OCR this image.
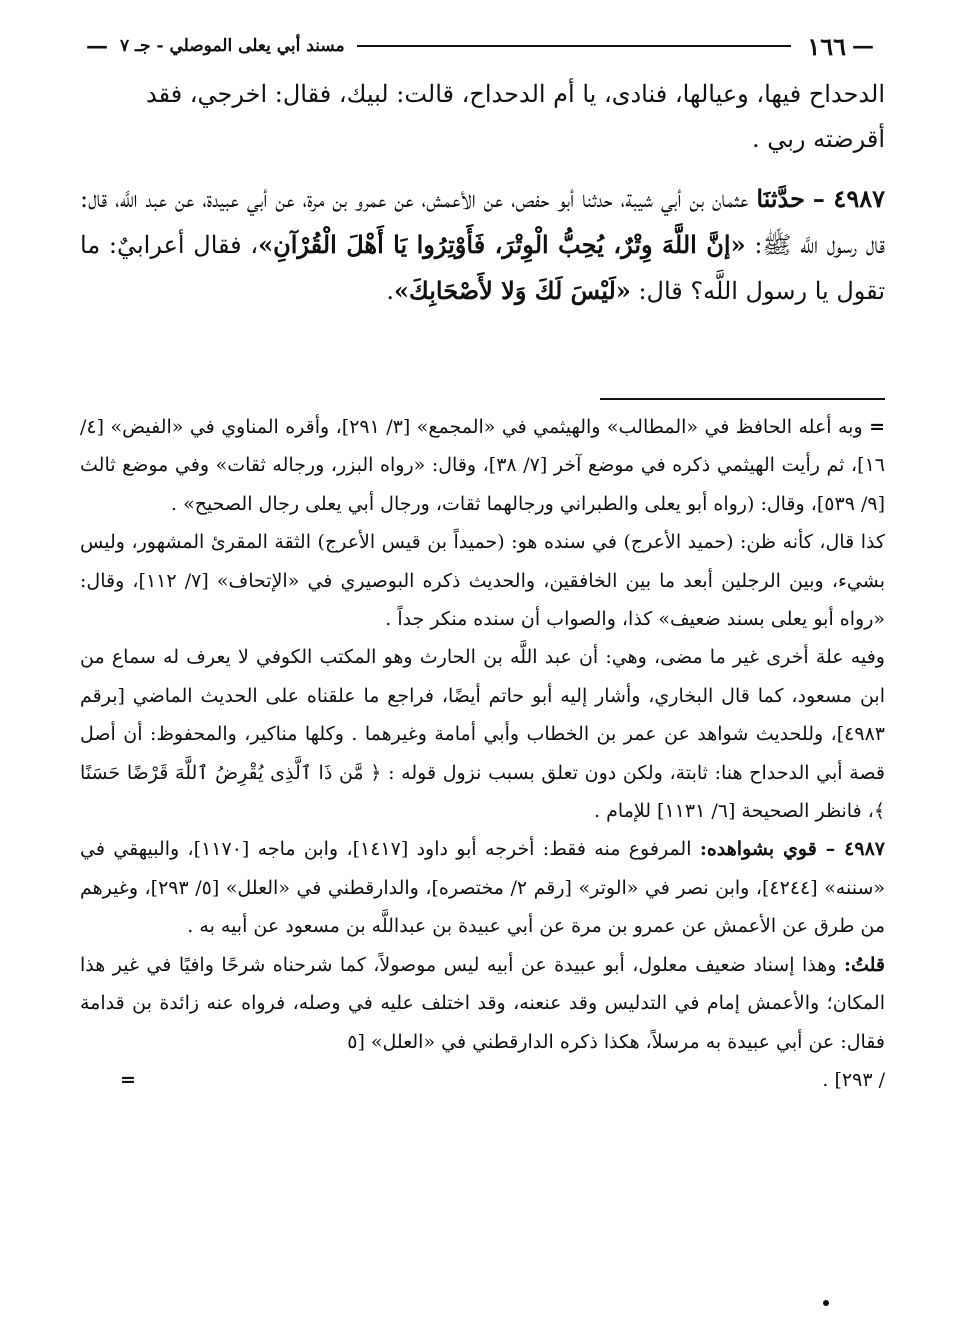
—
١٦٦
مسند أبي يعلى الموصلي - جـ ٧
—

الدحداح فيها، وعيالها، فنادى، يا أم الدحداح، قالت: لبيك، فقال: اخرجي، فقد
أقرضته ربي .

٤٩٨٧ – حدَّثنَا عثمان بن أبي شيبة، حدثنا أبو حفص، عن الأعمش، عن عمرو بن مرة، عن أبي عبيدة، عن عبد اللَّه، قال: قال رسول اللَّه ﷺ: «إنَّ اللَّهَ وِتْرٌ، يُحِبُّ الْوِتْرَ، فَأَوْتِرُوا يَا أَهْلَ الْقُرْآنِ»، فقال أعرابيٌ: ما تقول يا رسول اللَّه؟ قال: «لَيْسَ لَكَ وَلا لأَصْحَابِكَ».

= وبه أعله الحافظ في «المطالب» والهيثمي في «المجمع» [٣/ ٢٩١]، وأقره المناوي في «الفيض» [٤/ ١٦]، ثم رأيت الهيثمي ذكره في موضع آخر [٧/ ٣٨]، وقال: «رواه البزر، ورجاله ثقات» وفي موضع ثالث [٩/ ٥٣٩]، وقال: (رواه أبو يعلى والطبراني ورجالهما ثقات، ورجال أبي يعلى رجال الصحيح» .

كذا قال، كأنه ظن: (حميد الأعرج) في سنده هو: (حميداً بن قيس الأعرج) الثقة المقرئ المشهور، وليس بشيء، وبين الرجلين أبعد ما بين الخافقين، والحديث ذكره البوصيري في «الإتحاف» [٧/ ١١٢]، وقال: «رواه أبو يعلى بسند ضعيف» كذا، والصواب أن سنده منكر جداً .

وفيه علة أخرى غير ما مضى، وهي: أن عبد اللَّه بن الحارث وهو المكتب الكوفي لا يعرف له سماع من ابن مسعود، كما قال البخاري، وأشار إليه أبو حاتم أيضًا، فراجع ما علقناه على الحديث الماضي [برقم ٤٩٨٣]، وللحديث شواهد عن عمر بن الخطاب وأبي أمامة وغيرهما . وكلها مناكير، والمحفوظ: أن أصل قصة أبي الدحداح هنا: ثابتة، ولكن دون تعلق بسبب نزول قوله : ﴿ مَّن ذَا ٱلَّذِى يُقْرِضُ ٱللَّهَ قَرْضًا حَسَنًا ﴾، فانظر الصحيحة [٦/ ١١٣١] للإمام .

٤٩٨٧ – قوي بشواهده: المرفوع منه فقط: أخرجه أبو داود [١٤١٧]، وابن ماجه [١١٧٠]، والبيهقي في «سننه» [٤٢٤٤]، وابن نصر في «الوتر» [رقم ٢/ مختصره]، والدارقطني في «العلل» [٥/ ٢٩٣]، وغيرهم من طرق عن الأعمش عن عمرو بن مرة عن أبي عبيدة بن عبداللَّه بن مسعود عن أبيه به .

قلتُ: وهذا إسناد ضعيف معلول، أبو عبيدة عن أبيه ليس موصولاً، كما شرحناه شرحًا وافيًا في غير هذا المكان؛ والأعمش إمام في التدليس وقد عنعنه، وقد اختلف عليه في وصله، فرواه عنه زائدة بن قدامة فقال: عن أبي عبيدة به مرسلاً، هكذا ذكره الدارقطني في «العلل» [٥

/ ٢٩٣] .
=
